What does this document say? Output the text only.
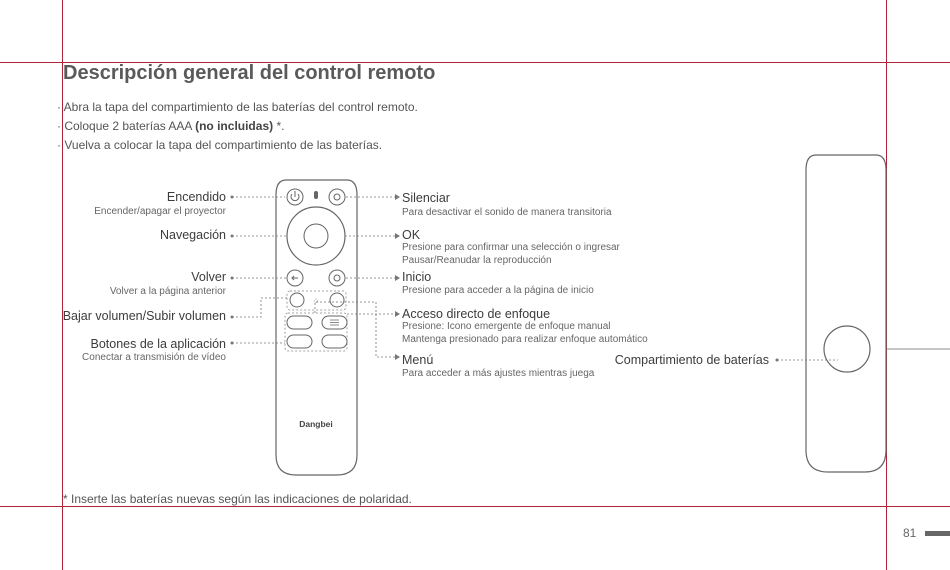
Descripción general del control remoto
· Abra la tapa del compartimiento de las baterías del control remoto.
· Coloque 2 baterías AAA (no incluidas) *.
· Vuelva a colocar la tapa del compartimiento de las baterías.
⁘
Dangbei
Encendido
Encender/apagar el proyector
Navegación
Volver
Volver a la página anterior
Bajar volumen/Subir volumen
Botones de la aplicación
Conectar a transmisión de vídeo
Silenciar
Para desactivar el sonido de manera transitoria
OK
Presione para confirmar una selección o ingresar
Pausar/Reanudar la reproducción
Inicio
Presione para acceder a la página de inicio
Acceso directo de enfoque
Presione: Icono emergente de enfoque manual
Mantenga presionado para realizar enfoque automático
Menú
Para acceder a más ajustes mientras juega
Compartimiento de baterías
* Inserte las baterías nuevas según las indicaciones de polaridad.
81
